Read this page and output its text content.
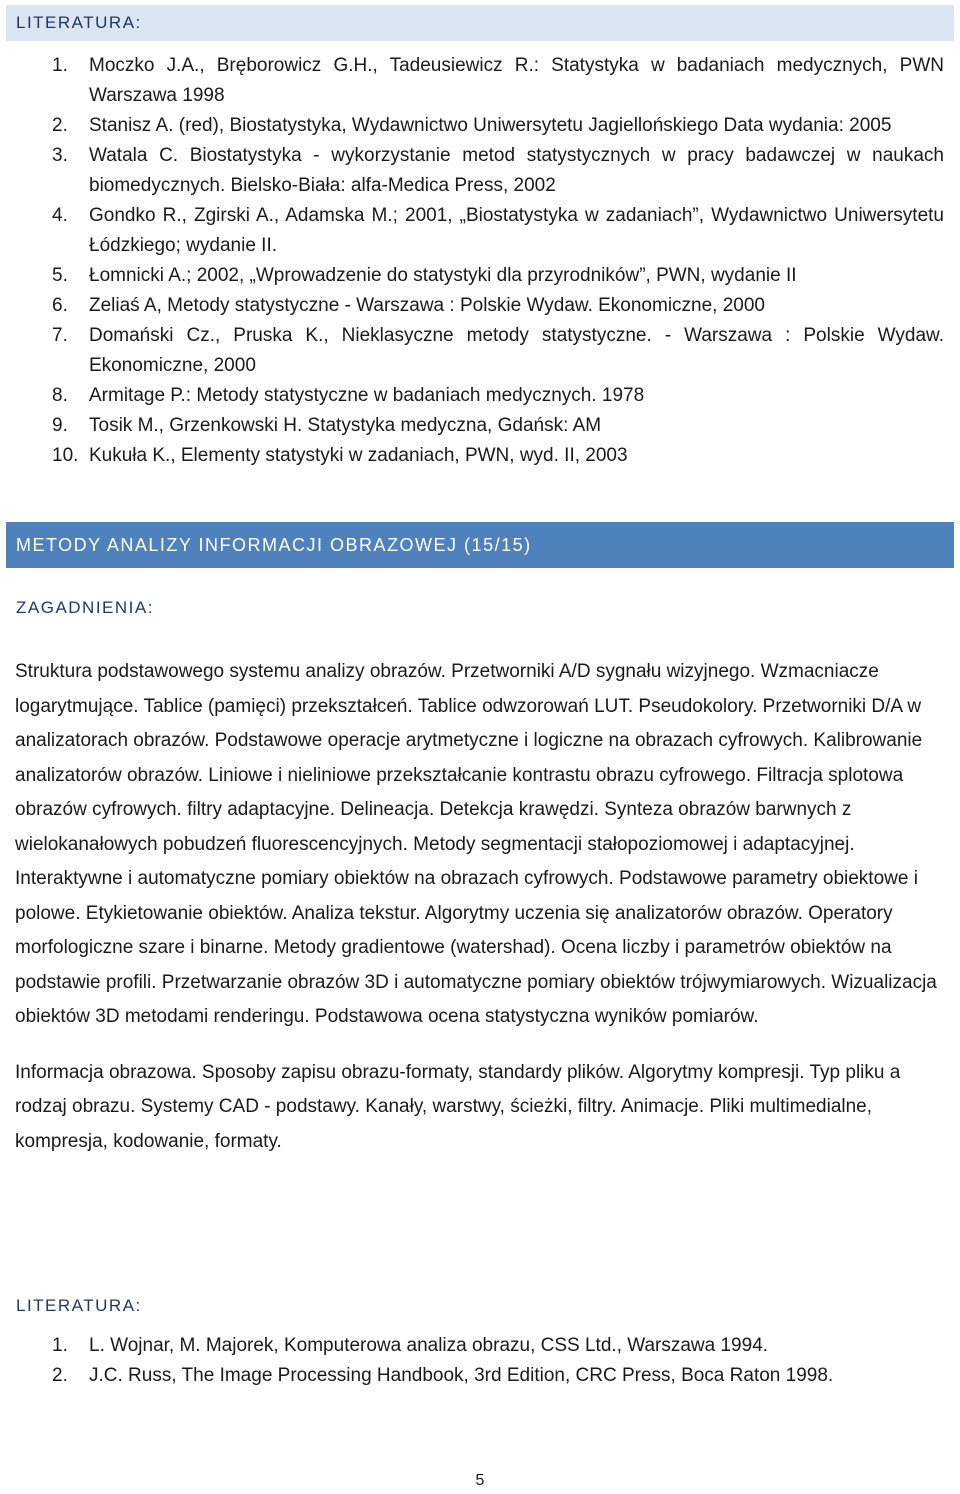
LITERATURA:
1. Moczko J.A., Bręborowicz G.H., Tadeusiewicz R.: Statystyka w badaniach medycznych, PWN Warszawa 1998
2. Stanisz A. (red), Biostatystyka, Wydawnictwo Uniwersytetu Jagiellońskiego Data wydania: 2005
3. Watala C. Biostatystyka - wykorzystanie metod statystycznych w pracy badawczej w naukach biomedycznych. Bielsko-Biała: alfa-Medica Press, 2002
4. Gondko R., Zgirski A., Adamska M.; 2001, „Biostatystyka w zadaniach”, Wydawnictwo Uniwersytetu Łódzkiego; wydanie II.
5. Łomnicki A.; 2002, „Wprowadzenie do statystyki dla przyrodników”, PWN, wydanie II
6. Zeliaś A, Metody statystyczne - Warszawa : Polskie Wydaw. Ekonomiczne, 2000
7. Domański Cz., Pruska K., Nieklasyczne metody statystyczne. - Warszawa : Polskie Wydaw. Ekonomiczne, 2000
8. Armitage P.: Metody statystyczne w badaniach medycznych. 1978
9. Tosik M., Grzenkowski H. Statystyka medyczna, Gdańsk: AM
10. Kukuła K., Elementy statystyki w zadaniach, PWN, wyd. II, 2003
METODY ANALIZY INFORMACJI OBRAZOWEJ (15/15)
ZAGADNIENIA:

Struktura podstawowego systemu analizy obrazów. Przetworniki A/D sygnału wizyjnego. Wzmacniacze logarytmujące. Tablice (pamięci) przekształceń. Tablice odwzorowań LUT. Pseudokolory. Przetworniki D/A w analizatorach obrazów. Podstawowe operacje arytmetyczne i logiczne na obrazach cyfrowych. Kalibrowanie analizatorów obrazów. Liniowe i nieliniowe przekształcanie kontrastu obrazu cyfrowego. Filtracja splotowa obrazów cyfrowych. filtry adaptacyjne. Delineacja. Detekcja krawędzi. Synteza obrazów barwnych z wielokanałowych pobudzeń fluorescencyjnych. Metody segmentacji stałopoziomowej i adaptacyjnej. Interaktywne i automatyczne pomiary obiektów na obrazach cyfrowych. Podstawowe parametry obiektowe i polowe. Etykietowanie obiektów. Analiza tekstur. Algorytmy uczenia się analizatorów obrazów. Operatory morfologiczne szare i binarne. Metody gradientowe (watershad). Ocena liczby i parametrów obiektów na podstawie profili. Przetwarzanie obrazów 3D i automatyczne pomiary obiektów trójwymiarowych. Wizualizacja obiektów 3D metodami renderingu. Podstawowa ocena statystyczna wyników pomiarów.

Informacja obrazowa. Sposoby zapisu obrazu-formaty, standardy plików. Algorytmy kompresji. Typ pliku a rodzaj obrazu. Systemy CAD - podstawy. Kanały, warstwy, ścieżki, filtry. Animacje. Pliki multimedialne, kompresja, kodowanie, formaty.

LITERATURA:
1. L. Wojnar, M. Majorek, Komputerowa analiza obrazu, CSS Ltd., Warszawa 1994.
2. J.C. Russ, The Image Processing Handbook, 3rd Edition, CRC Press, Boca Raton 1998.
5
